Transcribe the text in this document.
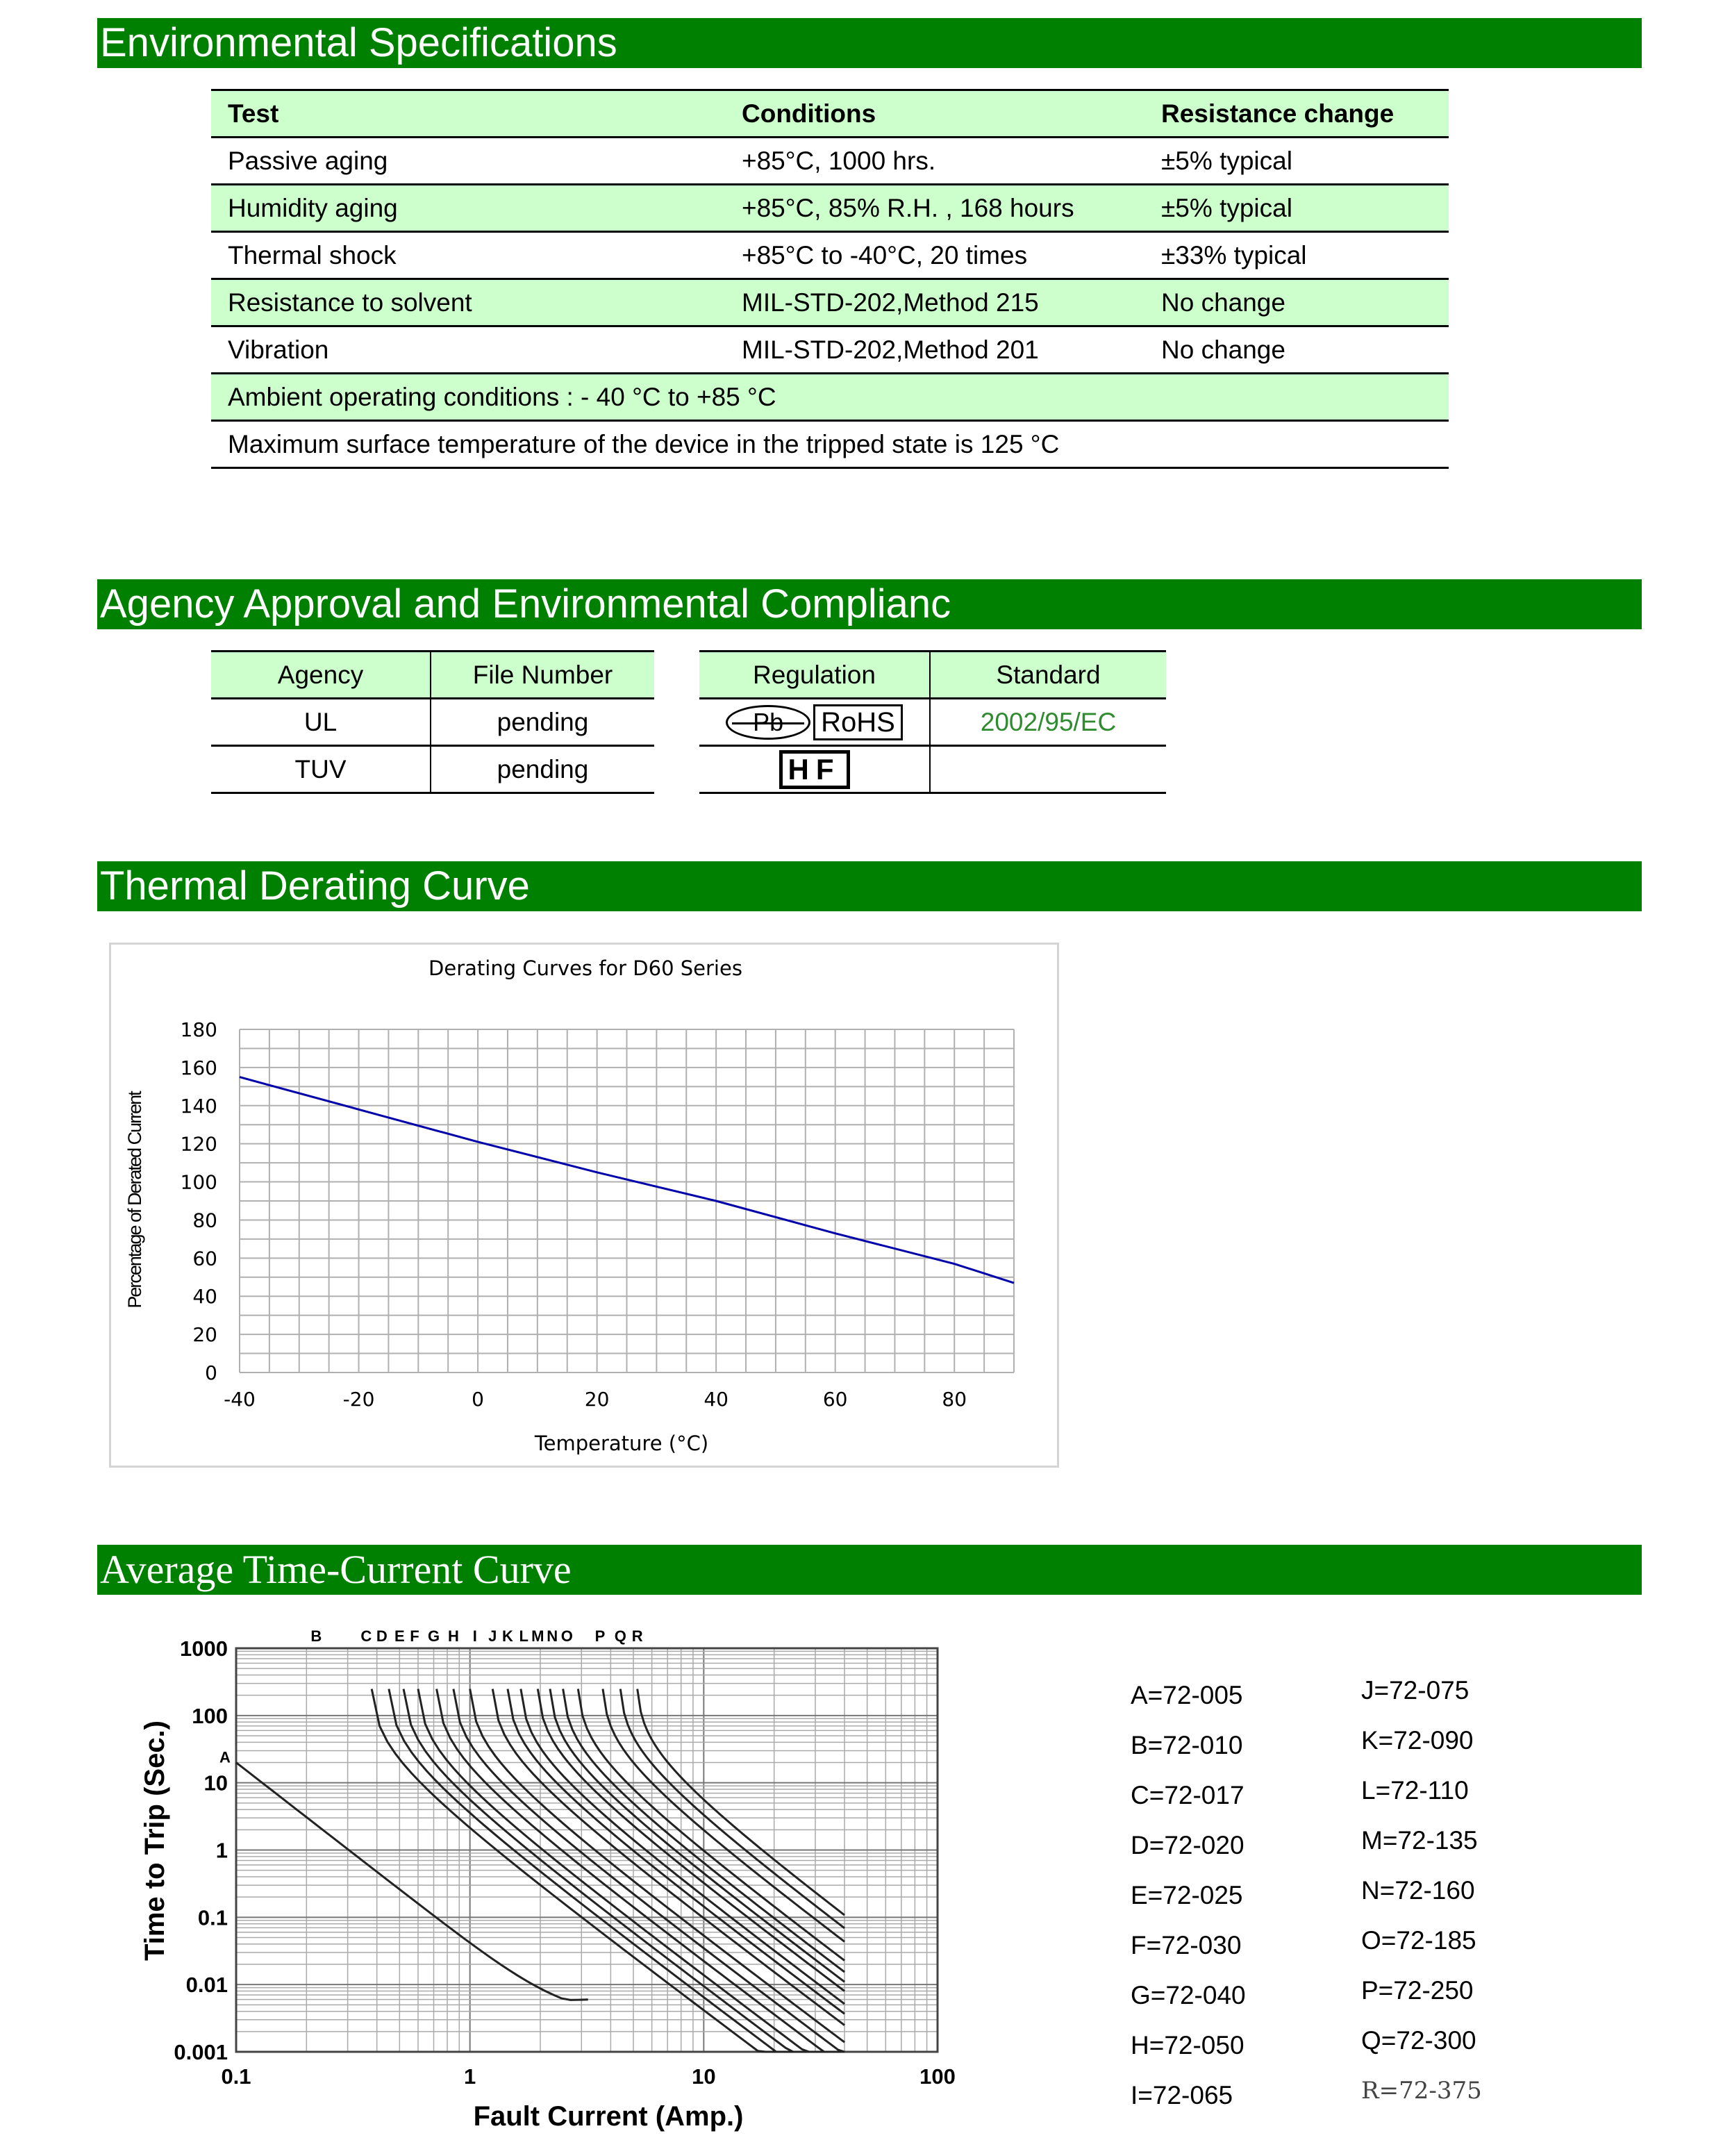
Environmental Specifications
Test	Conditions	Resistance change
Passive aging	+85°C, 1000 hrs.	±5% typical
Humidity aging	+85°C, 85% R.H. , 168 hours	±5% typical
Thermal shock	+85°C to -40°C, 20 times	±33% typical
Resistance to solvent	MIL-STD-202,Method 215	No change
Vibration	MIL-STD-202,Method 201	No change
Ambient operating conditions : - 40 °C to +85 °C		
Maximum surface temperature of the device in the tripped state is 125 °C		
Agency Approval and Environmental Complianc
Agency	File Number
UL	pending
TUV	pending
Regulation	Standard

Pb RoHS	2002/95/EC
HF	
Thermal Derating Curve
0
20
40
60
80
100
120
140
160
180
-40	-20	0	20	40	60	80
Derating Curves for D60 Series
Temperature (°C)
Percentage of Derated Current
Average Time-Current Curve
A
B	C D E F G H I J K L M N O P Q R
1000
100
10
1
0.1
0.01
0.001
0.1	1	10	100
Fault Current (Amp.)
Time to Trip (Sec.)
A=72-005
B=72-010
C=72-017
D=72-020
E=72-025
F=72-030
G=72-040
H=72-050
I=72-065
J=72-075
K=72-090
L=72-110
M=72-135
N=72-160
O=72-185
P=72-250
Q=72-300
R=72-375
